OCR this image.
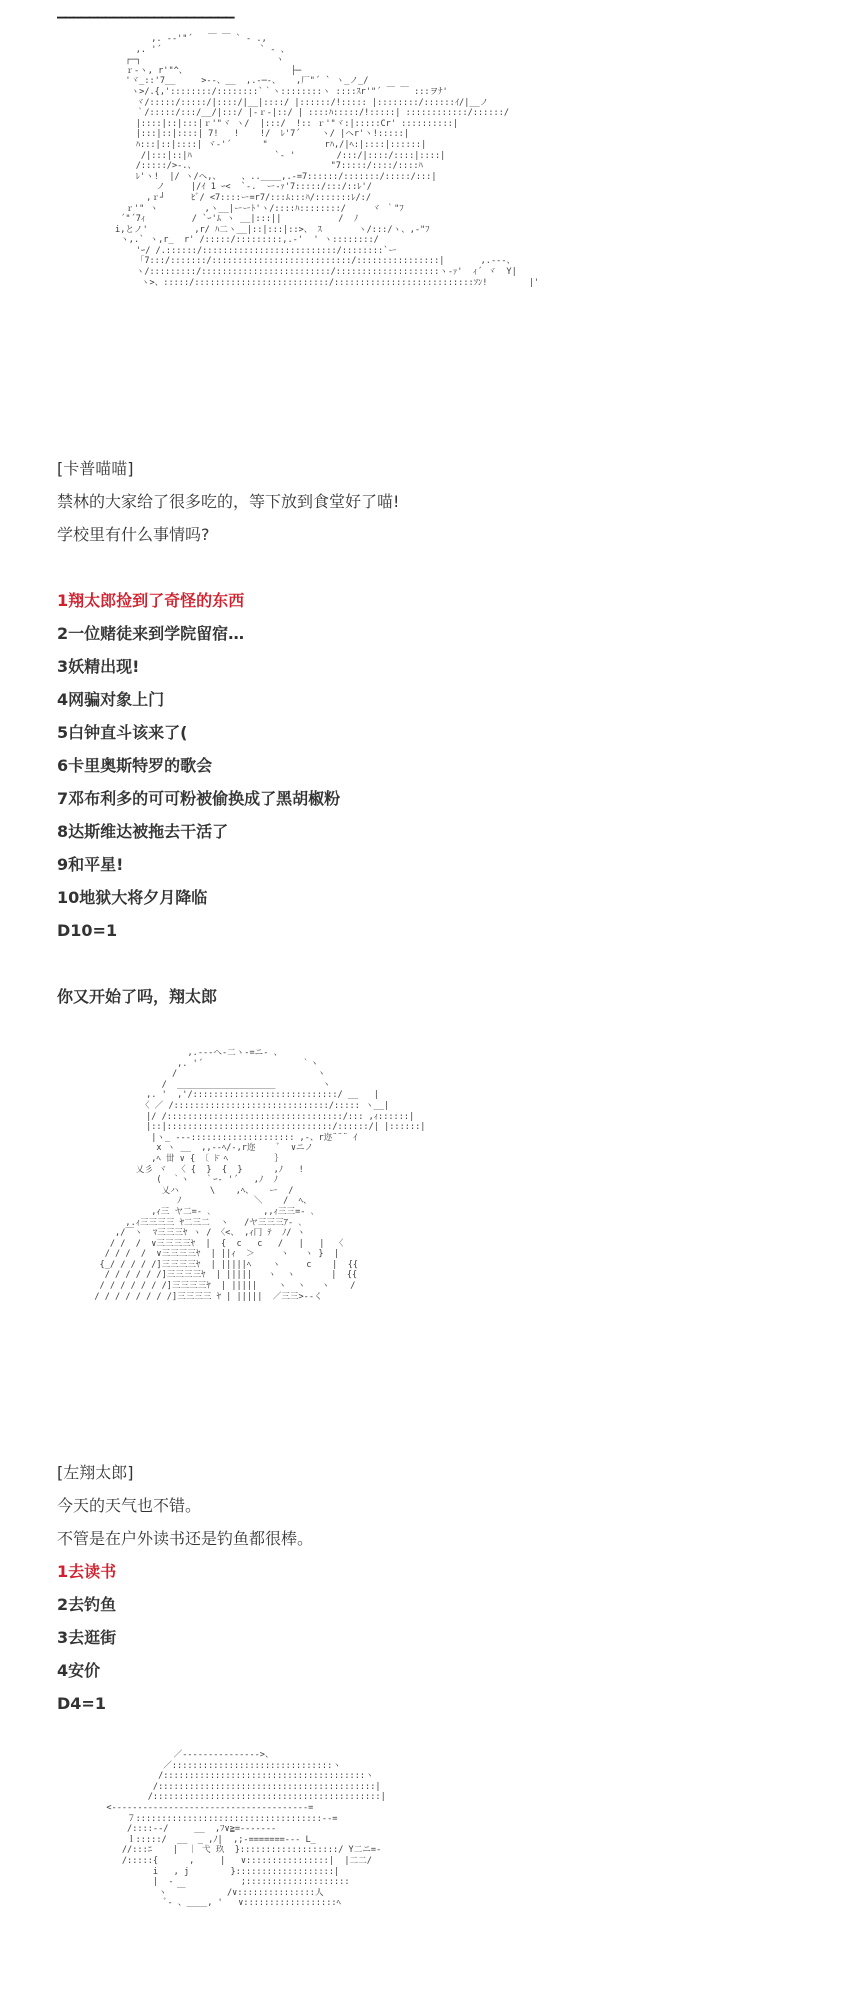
——————————————————————
,. -‐'"´   ￣ ￣ ` ‐ .,
,. '´                   ` ‐ 、
┌─┐                          ヽ
ｒ-ヽ, r'"^、                    ├─
'ヾ_::'7__     >-‐、__  ,.-─-、   ,厂"´ ` ヽ_ノ_/
ヽ>/.{,'::::::::/::::::::`｀ヽ::::::::ヽ ::::ｽr'"´ ￣ ￣ :::ヲﾅ'
ヾ/:::::/:::::/|::::/|__|::::/ |::::::/!::::: |::::::::/::::::ｲ/|__ノ
｀/:::::/:::/__/|:::/ |-ｒ‐|::/ | ::::ﾊ:::::/!:::::| ::::::::::::/::::::/
|::::|::|:::|ｒ'"ヾ ヽ/  |:::/  !:: ｒ'"ヾ:|:::::Cr' ::::::::::|
|:::|::|::::| 7!   !    !/  ﾚ'7´    ヽ/ |ヘr'ヽ!:::::|
ﾊ:::|::|::::| ヾ-'´      "           rﾊ,/|ﾍ:|::::|::::::|
/|:::|::|ﾊ                `- '        /:::/|::::/::::|::::|
/:::::/>-.、                          "7:::::/::::/::::ﾊ
ﾚ'ヽ!  |/ ヽ/ヘ,、    、..____,.-=7::::::/:::::::/:::::/:::|
ノ     |/ｲ 1 ｰ<  `-.  ー-ｧ'7:::::/:::/::ﾚ'/
,ｒ┘     ﾋﾞ/ <7::::ー=r7/:::ﾑ:::ﾊ/:::::::ﾚ/:/
ｒ'" ヽ         ,ヽ__|ーーﾄ'ヽ/::::ﾊ::::::::/     ヾ ｀"ﾌ
´"´7ｨ         / `ｰ'ﾑ ヽ __|:::||           /  ﾉ
i,とノ'         ,r/ ﾊ二ヽ__|::|:::|::>、 ｽ       ヽ/:::/ヽ、,-"ﾌ
ヽ,.` ヽ,r_  r' /:::::/:::::::::,.-'  ' ヽ::::::::/
'ｰ/ /.::::::/::::::::::::::::::::::::::/::::::::`ー
「7:::/:::::::/:::::::::::::::::::::::::::/::::::::::::::::|       ,.-‐-、
ヽ/:::::::::/:::::::::::::::::::::::::/::::::::::::::::::::ヽ-ｧ'  ｨ´ ヾ  Y|
ヽ>、:::::/::::::::::::::::::::::::::/:::::::::::::::::::::::::::ｿﾝ!        |'
[卡普喵喵]
禁林的大家给了很多吃的，等下放到食堂好了喵!
学校里有什么事情吗?
1翔太郎捡到了奇怪的东西
2一位赌徒来到学院留宿…
3妖精出现!
4网骗对象上门
5白钟直斗该来了(
6卡里奥斯特罗的歌会
7邓布利多的可可粉被偷换成了黑胡椒粉
8达斯维达被拖去干活了
9和平星!
10地狱大将夕月降临
D10=1
你又开始了吗，翔太郎
,.--‐へ-二ヽ-=ニ- 、
,. '´                   ｀ヽ
/                           ヽ
/  ___________________         ヽ
,. '  ,'/::::::::::::::::::::::::::::/ __   |
〈 ／ /::::::::::::::::::::::::::::::/::::: ヽ__|
|/ /::::::::::::::::::::::::::::::::::/::: ,ｨ::::::|
|::|::::::::::::::::::::::::::::::::/::::::/| |::::::|
|ヽ_ ---:::::::::::::::::::: ,-、r迩¨¨¨ ｲ
x ヽ __  ,,--ﾍ/-,r迩    ﾞ  ∨ニノ
,ﾍ 丗 ∨ { 〔 ﾄ̄ ﾍ         ｝
乂彡 ヾ  〈 {  }  {  }      ,ﾉ   !
(  ｀ヽ   ｀ｰ- '´   ,ﾉ  ﾉ
乂ハ      \    ,ﾍ、   ー  /
ﾉ              ＼    /  ﾍ、
,ｨ三 ヤ二=‐ ､          ,,ｨ三三=‐ ､
,.ｨ三三三三 ﾔ二三二  ヽ   /ヤ三三三ｱ‐ ､
,/￣ヽ  ﾏ三三三ﾔ ヽ / 〈<、 ,ｨ冂 ﾃ  ﾉ/ ヽ
/ /  /  ∨三三三三ﾔ  |  {  c   c   /   |   |  〈
/ / /  /  ∨三三三三ﾔ  | ||ｨ  ＞     ヽ   ヽ }  |
{_/ / / / /]三三三三ﾔ  | |||||ﾍ    ヽ     c    |  {{
/ / / / / /]三三三三ﾔ  | |||||   ヽ  ヽ       |  {{
/ / / / / / /]三三三三ﾔ  | |||||    ヽ  ヽ   ヽ    /
/ / / / / / / /]三三三三 ﾔ | |||||  ／三三>‐‐く
[左翔太郎]
今天的天气也不错。
不管是在户外读书还是钓鱼都很棒。
1去读书
2去钓鱼
3去逛街
4安价
D4=1
／--------------->、
／:::::::::::::::::::::::::::::::ヽ
/:::::::::::::::::::::::::::::::::::::::ヽ
/::::::::::::::::::::::::::::::::::::::::::|
/::::::::::::::::::::::::::::::::::::::::::::|
<--------------------------------------=
７::::::::::::::::::::::::::::::::::::--=
/::::--/     __  ,ﾌ∨≧=-------
ｌ:::::/  __  _ ,ﾉ|  ,;-=======-‐‐ L_
//:::ﾆ    |  ｜ 弋 玖  }:::::::::::::::::::/ Y二ニ=-
/:::::{      ,     |   ∨::::::::::::::::|  |二二/
i   , j        }:::::::::::::::::::|
|  ‐             ;::::::::::::::::::::
ヽ  ￣        /∨:::::::::::::::人
ﾞ‐ 、____, '   ∨::::::::::::::::::ﾍ
